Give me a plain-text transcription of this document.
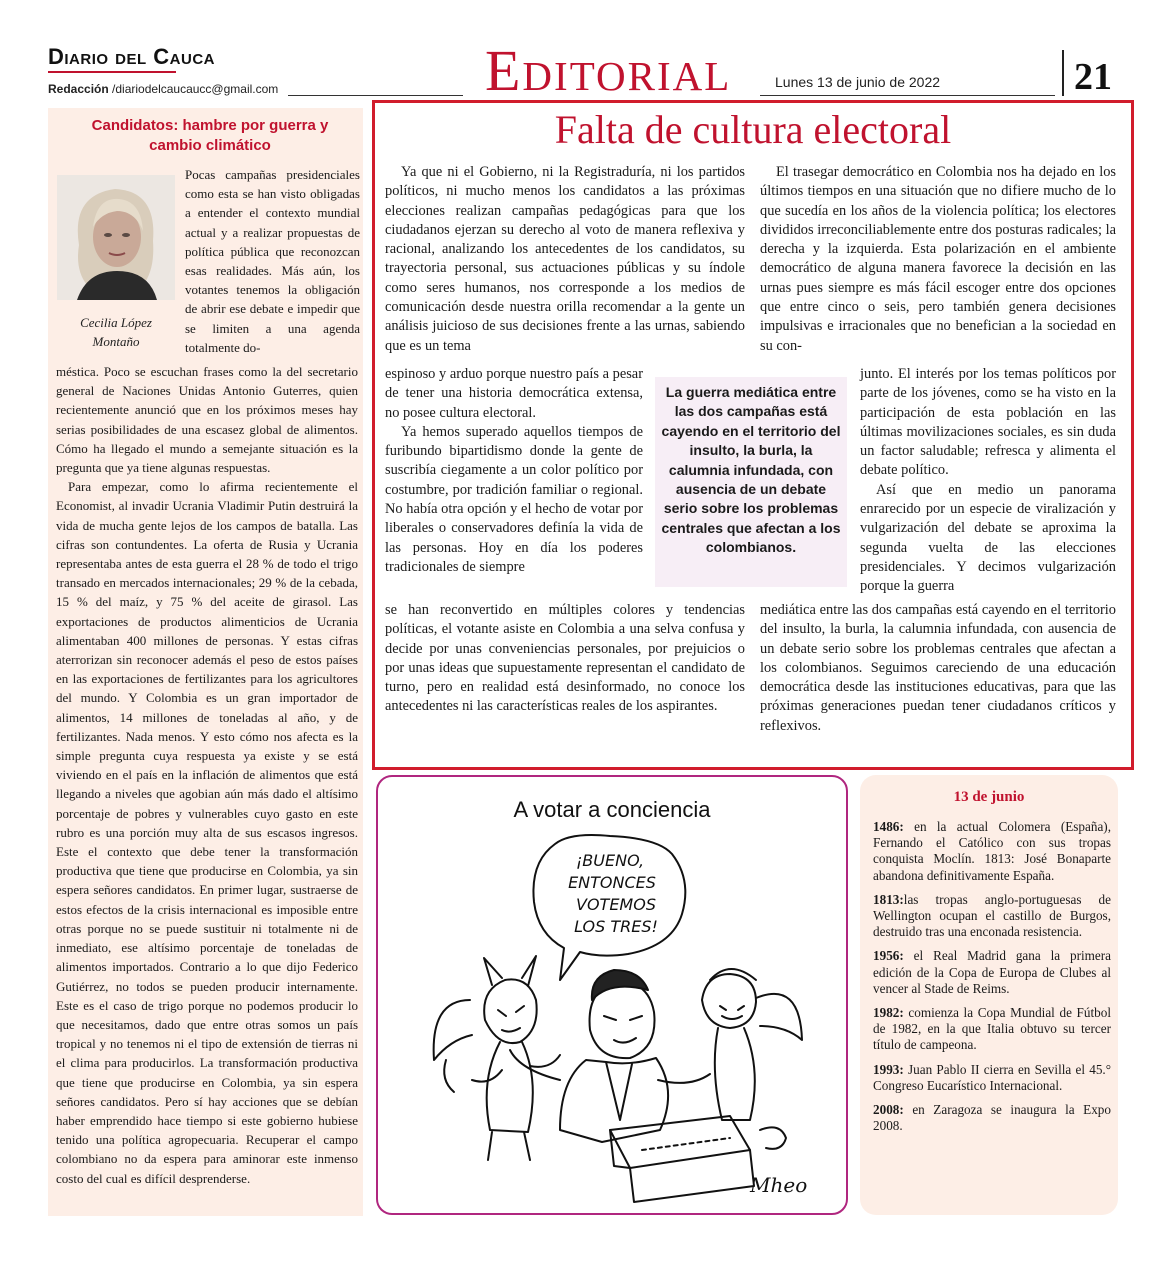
Diario del Cauca
Redacción /diariodelcaucaucc@gmail.com	Editorial	Lunes 13 de junio de 2022	21
Candidatos: hambre por guerra y cambio climático
Cecilia López Montaño
Pocas campañas presidenciales como esta se han visto obligadas a entender el contexto mundial actual y a realizar propuestas de política pública que reconozcan esas realidades. Más aún, los votantes tenemos la obligación de abrir ese debate e impedir que se limiten a una agenda totalmente do-

méstica. Poco se escuchan frases como la del secretario general de Naciones Unidas Antonio Guterres, quien recientemente anunció que en los próximos meses hay serias posibilidades de una escasez global de alimentos. Cómo ha llegado el mundo a semejante situación es la pregunta que ya tiene algunas respuestas.

Para empezar, como lo afirma recientemente el Economist, al invadir Ucrania Vladimir Putin destruirá la vida de mucha gente lejos de los campos de batalla. Las cifras son contundentes. La oferta de Rusia y Ucrania representaba antes de esta guerra el 28 % de todo el trigo transado en mercados internacionales; 29 % de la cebada, 15 % del maíz, y 75 % del aceite de girasol. Las exportaciones de productos alimenticios de Ucrania alimentaban 400 millones de personas. Y estas cifras aterrorizan sin reconocer además el peso de estos países en las exportaciones de fertilizantes para los agricultores del mundo. Y Colombia es un gran importador de alimentos, 14 millones de toneladas al año, y de fertilizantes. Nada menos. Y esto cómo nos afecta es la simple pregunta cuya respuesta ya existe y se está viviendo en el país en la inflación de alimentos que está llegando a niveles que agobian aún más dado el altísimo porcentaje de pobres y vulnerables cuyo gasto en este rubro es una porción muy alta de sus escasos ingresos. Este el contexto que debe tener la transformación productiva que tiene que producirse en Colombia, ya sin espera señores candidatos. En primer lugar, sustraerse de estos efectos de la crisis internacional es imposible entre otras porque no se puede sustituir ni totalmente ni de inmediato, ese altísimo porcentaje de toneladas de alimentos importados. Contrario a lo que dijo Federico Gutiérrez, no todos se pueden producir internamente. Este es el caso de trigo porque no podemos producir lo que necesitamos, dado que entre otras somos un país tropical y no tenemos ni el tipo de extensión de tierras ni el clima para producirlos. La transformación productiva que tiene que producirse en Colombia, ya sin espera señores candidatos. Pero sí hay acciones que se debían haber emprendido hace tiempo si este gobierno hubiese tenido una política agropecuaria. Recuperar el campo colombiano no da espera para aminorar este inmenso costo del cual es difícil desprenderse.

Falta de cultura electoral

Ya que ni el Gobierno, ni la Registraduría, ni los partidos políticos, ni mucho menos los candidatos a las próximas elecciones realizan campañas pedagógicas para que los ciudadanos ejerzan su derecho al voto de manera reflexiva y racional, analizando los antecedentes de los candidatos, su trayectoria personal, sus actuaciones públicas y su índole como seres humanos, nos corresponde a los medios de comunicación desde nuestra orilla recomendar a la gente un análisis juicioso de sus decisiones frente a las urnas, sabiendo que es un tema

espinoso y arduo porque nuestro país a pesar de tener una historia democrática extensa, no posee cultura electoral.

Ya hemos superado aquellos tiempos de furibundo bipartidismo donde la gente de suscribía ciegamente a un color político por costumbre, por tradición familiar o regional. No había otra opción y el hecho de votar por liberales o conservadores definía la vida de las personas. Hoy en día los poderes tradicionales de siempre

se han reconvertido en múltiples colores y tendencias políticas, el votante asiste en Colombia a una selva confusa y decide por unas conveniencias personales, por prejuicios o por unas ideas que supuestamente representan el candidato de turno, pero en realidad está desinformado, no conoce los antecedentes ni las características reales de los aspirantes.

El trasegar democrático en Colombia nos ha dejado en los últimos tiempos en una situación que no difiere mucho de lo que sucedía en los años de la violencia política; los electores divididos irreconciliablemente entre dos posturas radicales; la derecha y la izquierda. Esta polarización en el ambiente democrático de alguna manera favorece la decisión en las urnas pues siempre es más fácil escoger entre dos opciones que entre cinco o seis, pero también genera decisiones impulsivas e irracionales que no benefician a la sociedad en su con-

junto. El interés por los temas políticos por parte de los jóvenes, como se ha visto en la participación de esta población en las últimas movilizaciones sociales, es sin duda un factor saludable; refresca y alimenta el debate político.

Así que en medio un panorama enrarecido por un especie de viralización y vulgarización del debate se aproxima la segunda vuelta de las elecciones presidenciales. Y decimos vulgarización porque la guerra

mediática entre las dos campañas está cayendo en el territorio del insulto, la burla, la calumnia infundada, con ausencia de un debate serio sobre los problemas centrales que afectan a los colombianos. Seguimos careciendo de una educación democrática desde las instituciones educativas, para que las próximas generaciones puedan tener ciudadanos críticos y reflexivos.

La guerra mediática entre las dos campañas está cayendo en el territorio del insulto, la burla, la calumnia infundada, con ausencia de un debate serio sobre los problemas centrales que afectan a los colombianos.
A votar a conciencia
¡BUENO,
ENTONCES
VOTEMOS
LOS TRES!
Mheo
13 de junio

1486: en la actual Colomera (España), Fernando el Católico con sus tropas conquista Moclín. 1813: José Bonaparte abandona definitivamente España.

1813:las tropas anglo-portuguesas de Wellington ocupan el castillo de Burgos, destruido tras una enconada resistencia.

1956: el Real Madrid gana la primera edición de la Copa de Europa de Clubes al vencer al Stade de Reims.

1982: comienza la Copa Mundial de Fútbol de 1982, en la que Italia obtuvo su tercer título de campeona.

1993: Juan Pablo II cierra en Sevilla el 45.° Congreso Eucarístico Internacional.

2008: en Zaragoza se inaugura la Expo 2008.
